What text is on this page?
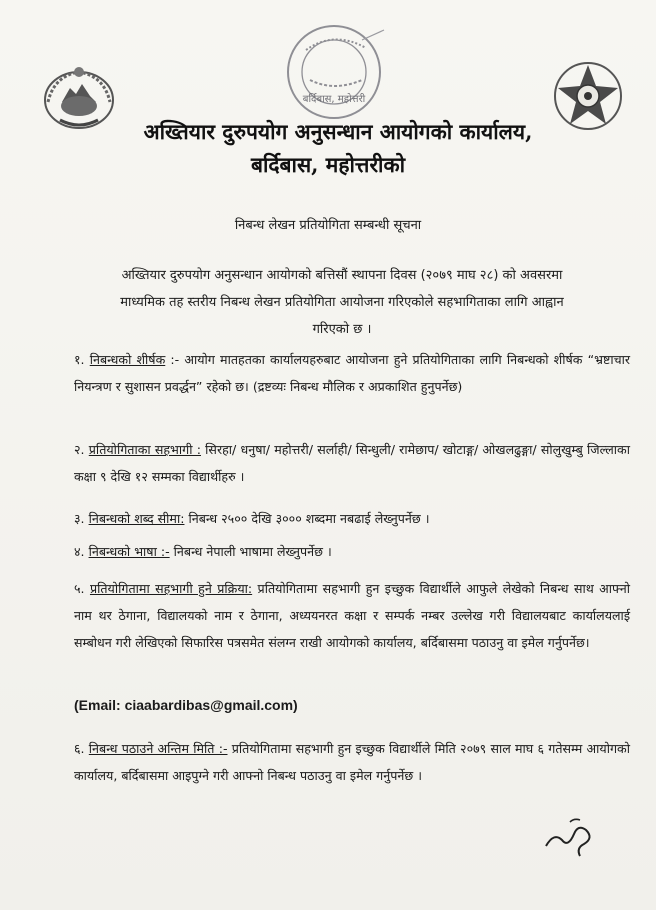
बर्दिबास, महोत्तरी
अख्तियार दुरुपयोग अनुसन्धान आयोगको कार्यालय,
बर्दिबास, महोत्तरीको
निबन्ध लेखन प्रतियोगिता सम्बन्धी सूचना
अख्तियार दुरुपयोग अनुसन्धान आयोगको बत्तिसौं स्थापना दिवस (२०७९ माघ २८) को अवसरमा
माध्यमिक तह स्तरीय निबन्ध लेखन प्रतियोगिता आयोजना गरिएकोले सहभागिताका लागि आह्वान
गरिएको छ ।
१. निबन्धको शीर्षक :- आयोग मातहतका कार्यालयहरुबाट आयोजना हुने प्रतियोगिताका लागि निबन्धको शीर्षक “भ्रष्टाचार नियन्त्रण र सुशासन प्रवर्द्धन” रहेको छ। (द्रष्टव्यः निबन्ध मौलिक र अप्रकाशित हुनुपर्नेछ)
२. प्रतियोगिताका सहभागी : सिरहा/ धनुषा/ महोत्तरी/ सर्लाही/ सिन्धुली/ रामेछाप/ खोटाङ्ग/ ओखलढुङ्गा/ सोलुखुम्बु जिल्लाका कक्षा ९ देखि १२ सम्मका विद्यार्थीहरु ।
३. निबन्धको शब्द सीमा: निबन्ध २५०० देखि ३००० शब्दमा नबढाई लेख्नुपर्नेछ ।
४. निबन्धको भाषा :- निबन्ध नेपाली भाषामा लेख्नुपर्नेछ ।
५. प्रतियोगितामा सहभागी हुने प्रक्रिया: प्रतियोगितामा सहभागी हुन इच्छुक विद्यार्थीले आफुले लेखेको निबन्ध साथ आफ्नो नाम थर ठेगाना, विद्यालयको नाम र ठेगाना, अध्ययनरत कक्षा र सम्पर्क नम्बर उल्लेख गरी विद्यालयबाट कार्यालयलाई सम्बोधन गरी लेखिएको सिफारिस पत्रसमेत संलग्न राखी आयोगको कार्यालय, बर्दिबासमा पठाउनु वा इमेल गर्नुपर्नेछ।
(Email: ciaabardibas@gmail.com)
६. निबन्ध पठाउने अन्तिम मिति :- प्रतियोगितामा सहभागी हुन इच्छुक विद्यार्थीले मिति २०७९ साल माघ ६ गतेसम्म आयोगको कार्यालय, बर्दिबासमा आइपुग्ने गरी आफ्नो निबन्ध पठाउनु वा इमेल गर्नुपर्नेछ ।
